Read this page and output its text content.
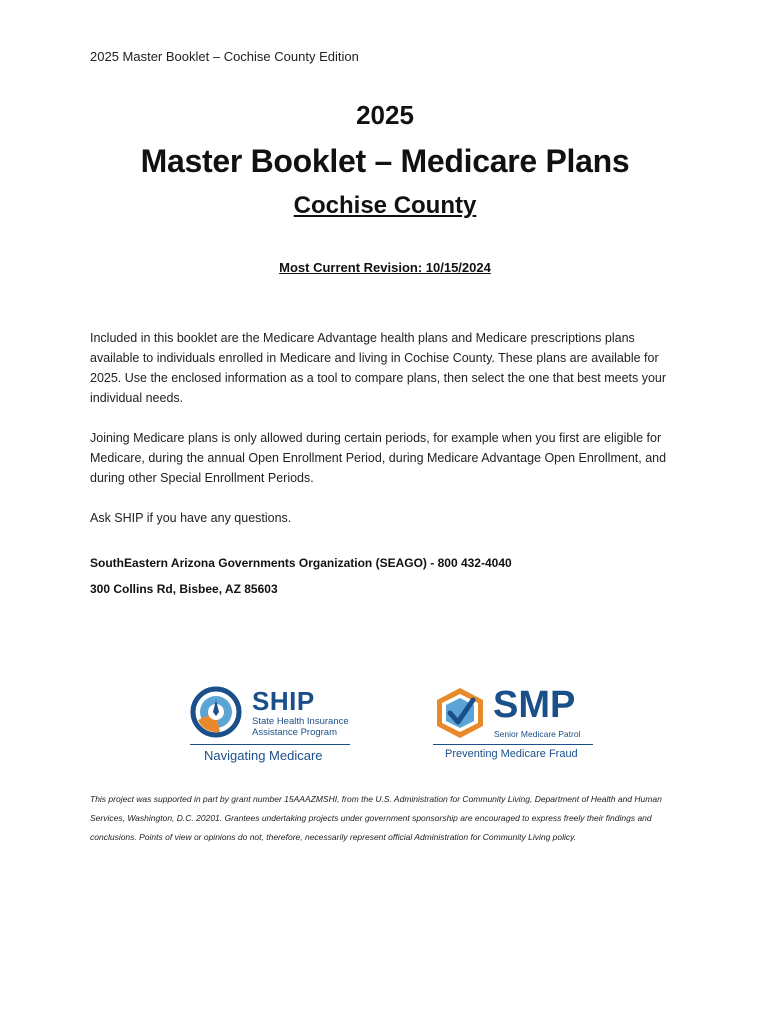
2025 Master Booklet – Cochise County Edition
2025
Master Booklet – Medicare Plans
Cochise County
Most Current Revision: 10/15/2024
Included in this booklet are the Medicare Advantage health plans and Medicare prescriptions plans available to individuals enrolled in Medicare and living in Cochise County. These plans are available for 2025. Use the enclosed information as a tool to compare plans, then select the one that best meets your individual needs.
Joining Medicare plans is only allowed during certain periods, for example when you first are eligible for Medicare, during the annual Open Enrollment Period, during Medicare Advantage Open Enrollment, and during other Special Enrollment Periods.
Ask SHIP if you have any questions.
SouthEastern Arizona Governments Organization (SEAGO) - 800 432-4040
300 Collins Rd, Bisbee, AZ 85603
SHIP
State Health Insurance
Assistance Program
Navigating Medicare
SMP
Senior Medicare Patrol
Preventing Medicare Fraud
This project was supported in part by grant number 15AAAZMSHI, from the U.S. Administration for Community Living, Department of Health and Human Services, Washington, D.C. 20201. Grantees undertaking projects under government sponsorship are encouraged to express freely their findings and conclusions. Points of view or opinions do not, therefore, necessarily represent official Administration for Community Living policy.
